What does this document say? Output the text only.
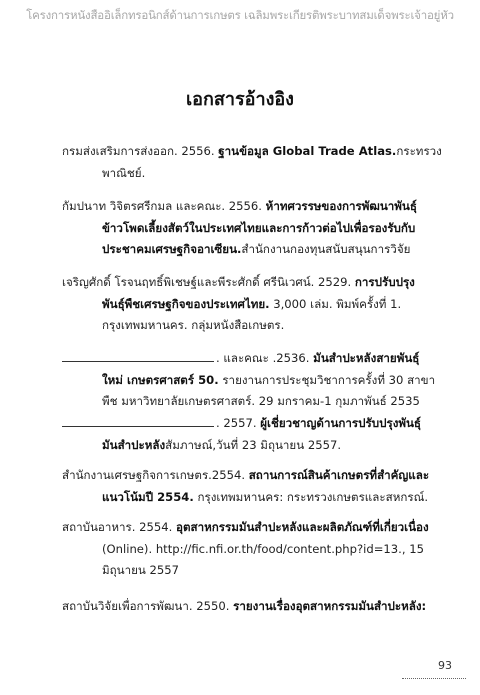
โครงการหนังสืออิเล็กทรอนิกส์ด้านการเกษตร เฉลิมพระเกียรติพระบาทสมเด็จพระเจ้าอยู่หัว
เอกสารอ้างอิง
กรมส่งเสริมการส่งออก. 2556. ฐานข้อมูล Global Trade Atlas.กระทรวง
พาณิชย์.
กัมปนาท วิจิตรศรีกมล และคณะ. 2556. ห้าทศวรรษของการพัฒนาพันธุ์
ข้าวโพดเลี้ยงสัตว์ในประเทศไทยและการก้าวต่อไปเพื่อรองรับกับ
ประชาคมเศรษฐกิจอาเซียน.สำนักงานกองทุนสนับสนุนการวิจัย
เจริญศักดิ์ โรจนฤทธิ์พิเชษฐ์และพีระศักดิ์ ศรีนิเวศน์. 2529. การปรับปรุง
พันธุ์พืชเศรษฐกิจของประเทศไทย. 3,000 เล่ม. พิมพ์ครั้งที่ 1.
กรุงเทพมหานคร. กลุ่มหนังสือเกษตร.
. และคณะ .2536. มันสำปะหลังสายพันธุ์
ใหม่ เกษตรศาสตร์ 50. รายงานการประชุมวิชาการครั้งที่ 30 สาขา
พืช มหาวิทยาลัยเกษตรศาสตร์. 29 มกราคม-1 กุมภาพันธ์ 2535
. 2557. ผู้เชี่ยวชาญด้านการปรับปรุงพันธุ์
มันสำปะหลังสัมภาษณ์,วันที่ 23 มิถุนายน 2557.
สำนักงานเศรษฐกิจการเกษตร.2554. สถานการณ์สินค้าเกษตรที่สำคัญและ
แนวโน้มปี 2554. กรุงเทพมหานคร: กระทรวงเกษตรและสหกรณ์.
สถาบันอาหาร. 2554. อุตสาหกรรมมันสำปะหลังและผลิตภัณฑ์ที่เกี่ยวเนื่อง
(Online). http://fic.nfi.or.th/food/content.php?id=13., 15
มิถุนายน 2557
สถาบันวิจัยเพื่อการพัฒนา. 2550. รายงานเรื่องอุตสาหกรรมมันสำปะหลัง:
93
